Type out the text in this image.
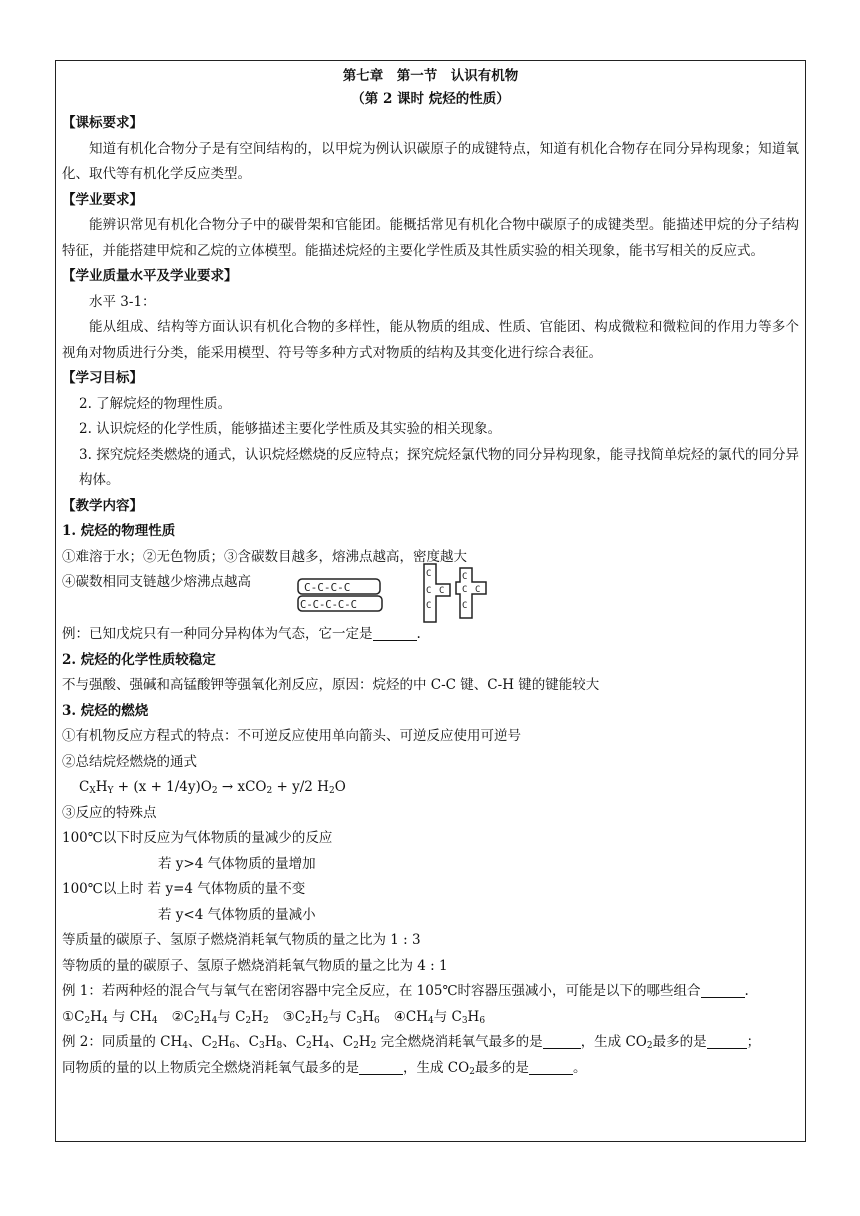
第七章　第一节　认识有机物
（第 2 课时 烷烃的性质）
【课标要求】
知道有机化合物分子是有空间结构的，以甲烷为例认识碳原子的成键特点，知道有机化合物存在同分异构现象；知道氧化、取代等有机化学反应类型。
【学业要求】
能辨识常见有机化合物分子中的碳骨架和官能团。能概括常见有机化合物中碳原子的成键类型。能描述甲烷的分子结构特征，并能搭建甲烷和乙烷的立体模型。能描述烷烃的主要化学性质及其性质实验的相关现象，能书写相关的反应式。
【学业质量水平及学业要求】
水平 3-1：
能从组成、结构等方面认识有机化合物的多样性，能从物质的组成、性质、官能团、构成微粒和微粒间的作用力等多个视角对物质进行分类，能采用模型、符号等多种方式对物质的结构及其变化进行综合表征。
【学习目标】
2. 了解烷烃的物理性质。
2. 认识烷烃的化学性质，能够描述主要化学性质及其实验的相关现象。
3. 探究烷烃类燃烧的通式，认识烷烃燃烧的反应特点；探究烷烃氯代物的同分异构现象，能寻找简单烷烃的氯代的同分异构体。
【教学内容】
1. 烷烃的物理性质
①难溶于水；②无色物质；③含碳数目越多，熔沸点越高，密度越大
④碳数相同支链越少熔沸点越高	C-C-C-C
C-C-C-C-C
C
C C
C
C
C C
C
例：已知戊烷只有一种同分异构体为气态，它一定是	.
2. 烷烃的化学性质较稳定
不与强酸、强碱和高锰酸钾等强氧化剂反应，原因：烷烃的中 C-C 键、C-H 键的键能较大
3. 烷烃的燃烧
①有机物反应方程式的特点：不可逆反应使用单向箭头、可逆反应使用可逆号
②总结烷烃燃烧的通式
$C_XH_Y + (x + 1/4y)O_2 \to xCO_2 + y/2$ $H_2O$
③反应的特殊点
100℃以下时反应为气体物质的量减少的反应
若 y>4 气体物质的量增加
100℃以上时 若 y=4 气体物质的量不变
若 y<4 气体物质的量减小
等质量的碳原子、氢原子燃烧消耗氧气物质的量之比为 1 : 3
等物质的量的碳原子、氢原子燃烧消耗氧气物质的量之比为 4 : 1
例 1：若两种烃的混合气与氧气在密闭容器中完全反应，在 105℃时容器压强减小，可能是以下的哪些组合	.
$①C_2H_4$ 与 $CH_4$ $②C_2H_4$与 $C_2H_2$ $③C_2H_2$与 $C_3H_6$ $④CH_4$与 $C_3H_6$
例 2：同质量的 $CH_4$、$C_2H_6$、$C_3H_8$、$C_2H_4$、$C_2H_2$ 完全燃烧消耗氧气最多的是	，生成 $CO_2$最多的是	；
同物质的量的以上物质完全燃烧消耗氧气最多的是	，生成 $CO_2$最多的是	。
